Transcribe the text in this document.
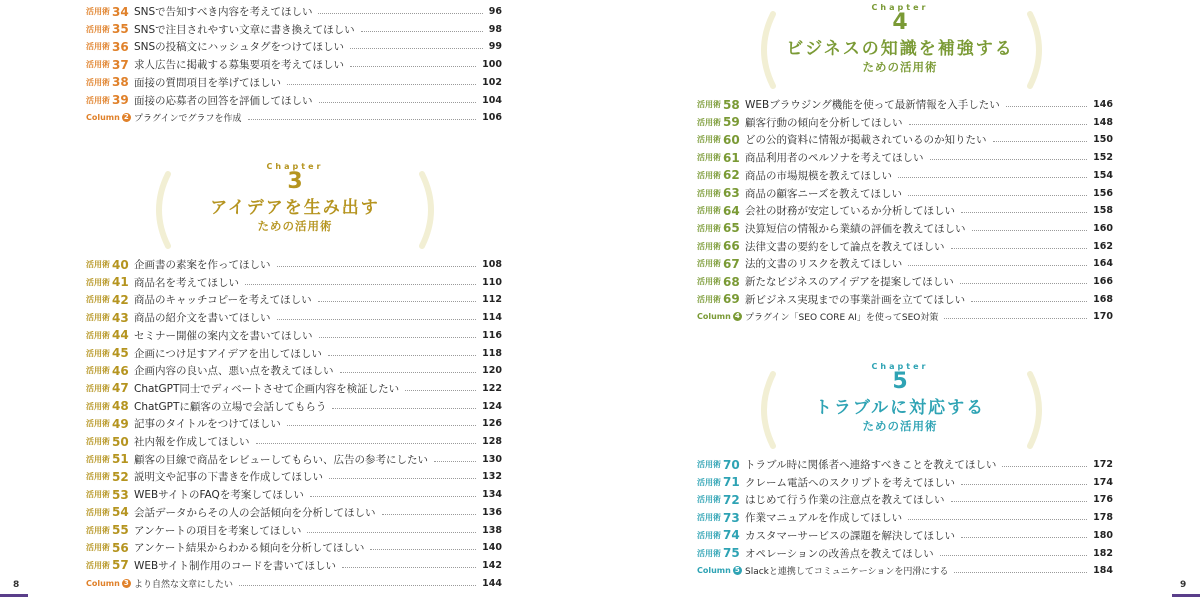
活用術 34 SNSで告知すべき内容を考えてほしい	96
活用術 35 SNSで注目されやすい文章に書き換えてほしい	98
活用術 36 SNSの投稿文にハッシュタグをつけてほしい	99
活用術 37 求人広告に掲載する募集要項を考えてほしい	100
活用術 38 面接の質問項目を挙げてほしい	102
活用術 39 面接の応募者の回答を評価してほしい	104
Column 2 プラグインでグラフを作成	106
Chapter
3
アイデアを生み出す
ための活用術
活用術 40 企画書の素案を作ってほしい	108
活用術 41 商品名を考えてほしい	110
活用術 42 商品のキャッチコピーを考えてほしい	112
活用術 43 商品の紹介文を書いてほしい	114
活用術 44 セミナー開催の案内文を書いてほしい	116
活用術 45 企画につけ足すアイデアを出してほしい	118
活用術 46 企画内容の良い点、悪い点を教えてほしい	120
活用術 47 ChatGPT同士でディベートさせて企画内容を検証したい	122
活用術 48 ChatGPTに顧客の立場で会話してもらう	124
活用術 49 記事のタイトルをつけてほしい	126
活用術 50 社内報を作成してほしい	128
活用術 51 顧客の目線で商品をレビューしてもらい、広告の参考にしたい	130
活用術 52 説明文や記事の下書きを作成してほしい	132
活用術 53 WEBサイトのFAQを考案してほしい	134
活用術 54 会話データからその人の会話傾向を分析してほしい	136
活用術 55 アンケートの項目を考案してほしい	138
活用術 56 アンケート結果からわかる傾向を分析してほしい	140
活用術 57 WEBサイト制作用のコードを書いてほしい	142
Column 3 より自然な文章にしたい	144
8
Chapter
4
ビジネスの知識を補強する
ための活用術
活用術 58 WEBブラウジング機能を使って最新情報を入手したい	146
活用術 59 顧客行動の傾向を分析してほしい	148
活用術 60 どの公的資料に情報が掲載されているのか知りたい	150
活用術 61 商品利用者のペルソナを考えてほしい	152
活用術 62 商品の市場規模を教えてほしい	154
活用術 63 商品の顧客ニーズを教えてほしい	156
活用術 64 会社の財務が安定しているか分析してほしい	158
活用術 65 決算短信の情報から業績の評価を教えてほしい	160
活用術 66 法律文書の要約をして論点を教えてほしい	162
活用術 67 法的文書のリスクを教えてほしい	164
活用術 68 新たなビジネスのアイデアを提案してほしい	166
活用術 69 新ビジネス実現までの事業計画を立ててほしい	168
Column 4 プラグイン「SEO CORE AI」を使ってSEO対策	170
Chapter
5
トラブルに対応する
ための活用術
活用術 70 トラブル時に関係者へ連絡すべきことを教えてほしい	172
活用術 71 クレーム電話へのスクリプトを考えてほしい	174
活用術 72 はじめて行う作業の注意点を教えてほしい	176
活用術 73 作業マニュアルを作成してほしい	178
活用術 74 カスタマーサービスの課題を解決してほしい	180
活用術 75 オペレーションの改善点を教えてほしい	182
Column 5 Slackと連携してコミュニケーションを円滑にする	184
9
